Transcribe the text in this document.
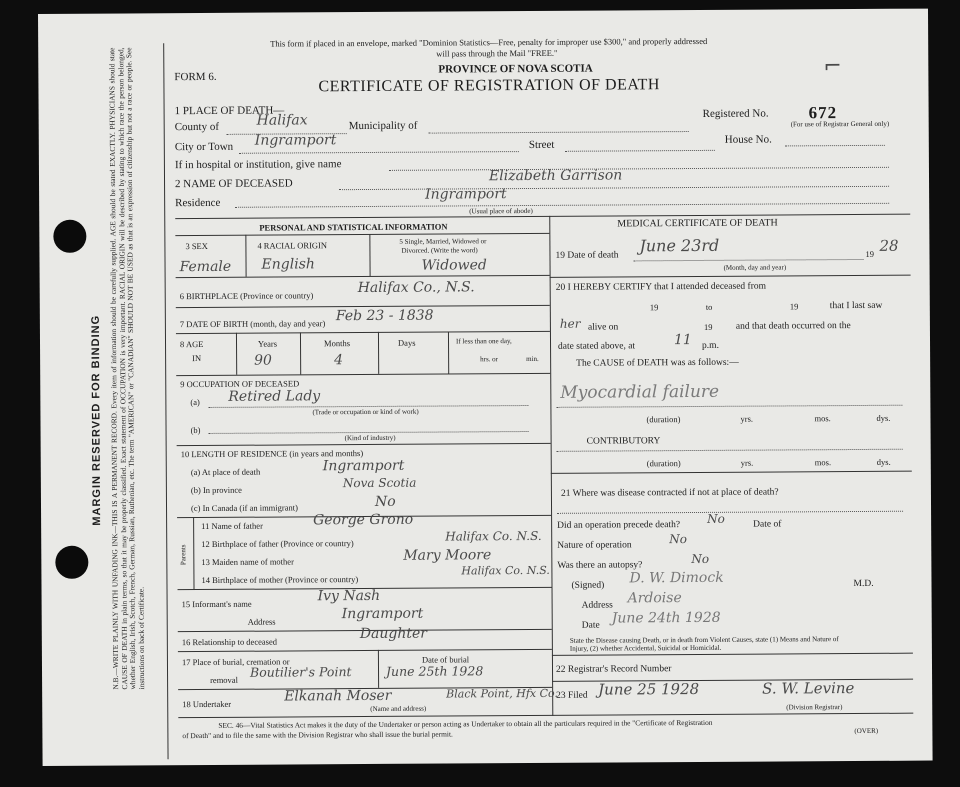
MARGIN RESERVED FOR BINDING N.B.—WRITE PLAINLY WITH UNFADING INK—THIS IS A PERMANENT RECORD. Every item of information should be carefully supplied. AGE should be stated EXACTLY. PHYSICIANS should state CAUSE OF DEATH in plain terms, so that it may be properly classified. Exact statement of OCCUPATION is very important. RACIAL ORIGIN will be described by stating to which race the person belonged, whether English, Irish, Scotch, French, German, Russian, Ruthenian, etc. The term "AMERICAN" or "CANADIAN" SHOULD NOT BE USED as that is an expression of citizenship but not a race or people. See instructions on back of Certificate.
This form if placed in an envelope, marked "Dominion Statistics—Free, penalty for improper use $300," and properly addressed
will pass through the Mail "FREE."
PROVINCE OF NOVA SCOTIA
FORM 6.	CERTIFICATE OF REGISTRATION OF DEATH
⌐
1 PLACE OF DEATH—
County of	Halifax	Municipality of
Registered No. 672
(For use of Registrar General only)
City or Town Ingramport	Street	House No.
If in hospital or institution, give name
2 NAME OF DECEASED	Elizabeth Garrison
Residence
Ingramport
(Usual place of abode)
PERSONAL AND STATISTICAL INFORMATION	MEDICAL CERTIFICATE OF DEATH
3 SEX	4 RACIAL ORIGIN	5 Single, Married, Widowed or
Divorced. (Write the word)
Female English	Widowed
6 BIRTHPLACE (Province or country)	Halifax Co., N.S.
7 DATE OF BIRTH (month, day and year) Feb 23 - 1838
8 AGE
IN
Years	Months	Days	If less than one day,
hrs. or	min.
90	4
9 OCCUPATION OF DECEASED
(a) Retired Lady
(Trade or occupation or kind of work)
(b)
(Kind of industry)
10 LENGTH OF RESIDENCE (in years and months)
(a) At place of death	Ingramport
(b) In province	Nova Scotia
(c) In Canada (if an immigrant)	No
Parents
11 Name of father	George Grono
12 Birthplace of father (Province or country)
Halifax Co. N.S.
13 Maiden name of mother	Mary Moore
14 Birthplace of mother (Province or country)
Halifax Co. N.S.
15 Informant's name	Ivy Nash
Address	Ingramport
16 Relationship to deceased	Daughter
17 Place of burial, cremation or
removal
Boutilier's Point
Date of burial
June 25th 1928
18 Undertaker	Elkanah Moser
(Name and address)
Black Point, Hfx Co.
19 Date of death
June 23rd	19 28
(Month, day and year)
20 I HEREBY CERTIFY that I attended deceased from
19	to	19	that I last saw
her alive on	19 and that death occurred on the
date stated above, at	11 p.m.
The CAUSE of DEATH was as follows:—
Myocardial failure
(duration)	yrs.	mos.	dys.
CONTRIBUTORY
(duration)	yrs.	mos.	dys.
21 Where was disease contracted if not at place of death?
Did an operation precede death? No	Date of
Nature of operation	No
Was there an autopsy?	No
(Signed) D. W. Dimock	M.D.
Address Ardoise
Date June 24th 1928
State the Disease causing Death, or in death from Violent Causes, state (1) Means and Nature of
Injury, (2) whether Accidental, Suicidal or Homicidal.
22 Registrar's Record Number
23 Filed June 25 1928	S. W. Levine
(Division Registrar)
SEC. 46—Vital Statistics Act makes it the duty of the Undertaker or person acting as Undertaker to obtain all the particulars required in the "Certificate of Registration
of Death" and to file the same with the Division Registrar who shall issue the burial permit.	(OVER)
